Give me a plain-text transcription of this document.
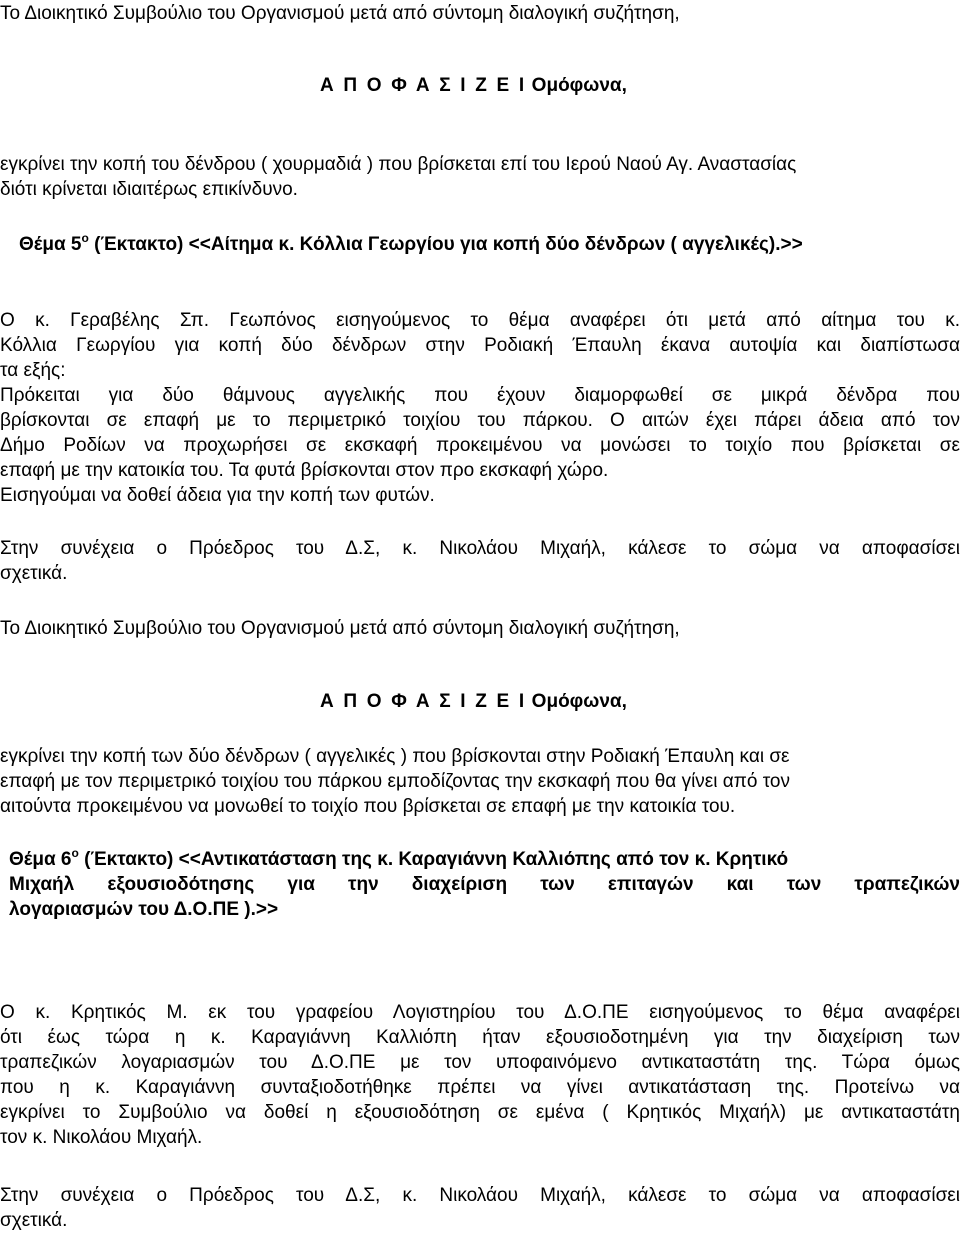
Το Διοικητικό Συμβούλιο του Οργανισμού μετά από σύντομη διαλογική συζήτηση,

Α Π Ο Φ Α Σ Ι Ζ Ε Ι Ομόφωνα,

εγκρίνει την κοπή του δένδρου ( χουρμαδιά ) που βρίσκεται επί του Ιερού Ναού Αγ. Αναστασίας

διότι κρίνεται ιδιαιτέρως επικίνδυνο.

Θέμα $5^o$ (Έκτακτο) <<Αίτημα κ. Κόλλια Γεωργίου για κοπή δύο δένδρων ( αγγελικές).>>

Ο κ. Γεραβέλης Σπ. Γεωπόνος εισηγούμενος το θέμα αναφέρει ότι μετά από αίτημα του κ.

Κόλλια Γεωργίου για κοπή δύο δένδρων στην Ροδιακή Έπαυλη έκανα αυτοψία και διαπίστωσα

τα εξής:

Πρόκειται για δύο θάμνους αγγελικής που έχουν διαμορφωθεί σε μικρά δένδρα που

βρίσκονται σε επαφή με το περιμετρικό τοιχίου του πάρκου. Ο αιτών έχει πάρει άδεια από τον

Δήμο Ροδίων να προχωρήσει σε εκσκαφή προκειμένου να μονώσει το τοιχίο που βρίσκεται σε

επαφή με την κατοικία του. Τα φυτά βρίσκονται στον προ εκσκαφή χώρο.

Εισηγούμαι να δοθεί άδεια για την κοπή των φυτών.

Στην συνέχεια ο Πρόεδρος του Δ.Σ, κ. Νικολάου Μιχαήλ, κάλεσε το σώμα να αποφασίσει

σχετικά.

Το Διοικητικό Συμβούλιο του Οργανισμού μετά από σύντομη διαλογική συζήτηση,

Α Π Ο Φ Α Σ Ι Ζ Ε Ι Ομόφωνα,

εγκρίνει την κοπή των δύο δένδρων ( αγγελικές ) που βρίσκονται στην Ροδιακή Έπαυλη και σε

επαφή με τον περιμετρικό τοιχίου του πάρκου εμποδίζοντας την εκσκαφή που θα γίνει από τον

αιτούντα προκειμένου να μονωθεί το τοιχίο που βρίσκεται σε επαφή με την κατοικία του.

Θέμα $6^o$ (Έκτακτο) <<Αντικατάσταση της κ. Καραγιάννη Καλλιόπης από τον κ. Κρητικό

Μιχαήλ εξουσιοδότησης για την διαχείριση των επιταγών και των τραπεζικών

λογαριασμών του Δ.Ο.ΠΕ ).>>

Ο κ. Κρητικός Μ. εκ του γραφείου Λογιστηρίου του Δ.Ο.ΠΕ εισηγούμενος το θέμα αναφέρει

ότι έως τώρα η κ. Καραγιάννη Καλλιόπη ήταν εξουσιοδοτημένη για την διαχείριση των

τραπεζικών λογαριασμών του Δ.Ο.ΠΕ με τον υποφαινόμενο αντικαταστάτη της. Τώρα όμως

που η κ. Καραγιάννη συνταξιοδοτήθηκε πρέπει να γίνει αντικατάσταση της. Προτείνω να

εγκρίνει το Συμβούλιο να δοθεί η εξουσιοδότηση σε εμένα ( Κρητικός Μιχαήλ) με αντικαταστάτη

τον κ. Νικολάου Μιχαήλ.

Στην συνέχεια ο Πρόεδρος του Δ.Σ, κ. Νικολάου Μιχαήλ, κάλεσε το σώμα να αποφασίσει

σχετικά.
